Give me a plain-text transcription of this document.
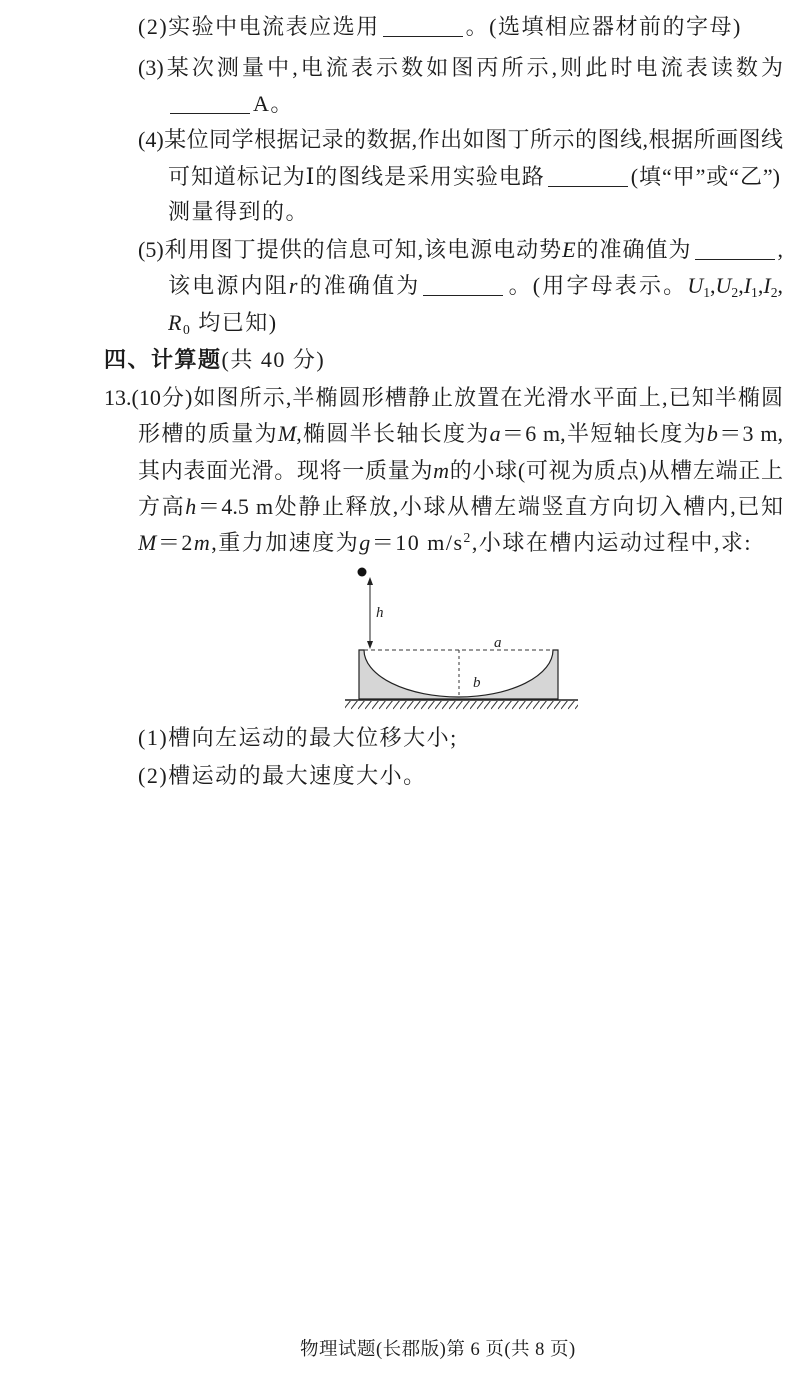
(2)实验中电流表应选用	。(选填相应器材前的字母)
(3)某次测量中,电流表示数如图丙所示,则此时电流表读数为
A。
(4)某位同学根据记录的数据,作出如图丁所示的图线,根据所画图线
可知道标记为Ⅰ的图线是采用实验电路	(填“甲”或“乙”)
测量得到的。
(5)利用图丁提供的信息可知,该电源电动势E的准确值为	,
该电源内阻r的准确值为	。(用字母表示。$U_1,U_2,I_1,I_2$,
$R_0$ 均已知)
四、计算题(共 40 分)
13.(10分)如图所示,半椭圆形槽静止放置在光滑水平面上,已知半椭圆
形槽的质量为M,椭圆半长轴长度为a＝6 m,半短轴长度为b＝3 m,
其内表面光滑。现将一质量为m的小球(可视为质点)从槽左端正上
方高h＝4.5 m处静止释放,小球从槽左端竖直方向切入槽内,已知
M＝2m,重力加速度为g＝10 $m/s^2$,小球在槽内运动过程中,求:
h
a
b
(1)槽向左运动的最大位移大小;
(2)槽运动的最大速度大小。
物理试题(长郡版)第 6 页(共 8 页)
